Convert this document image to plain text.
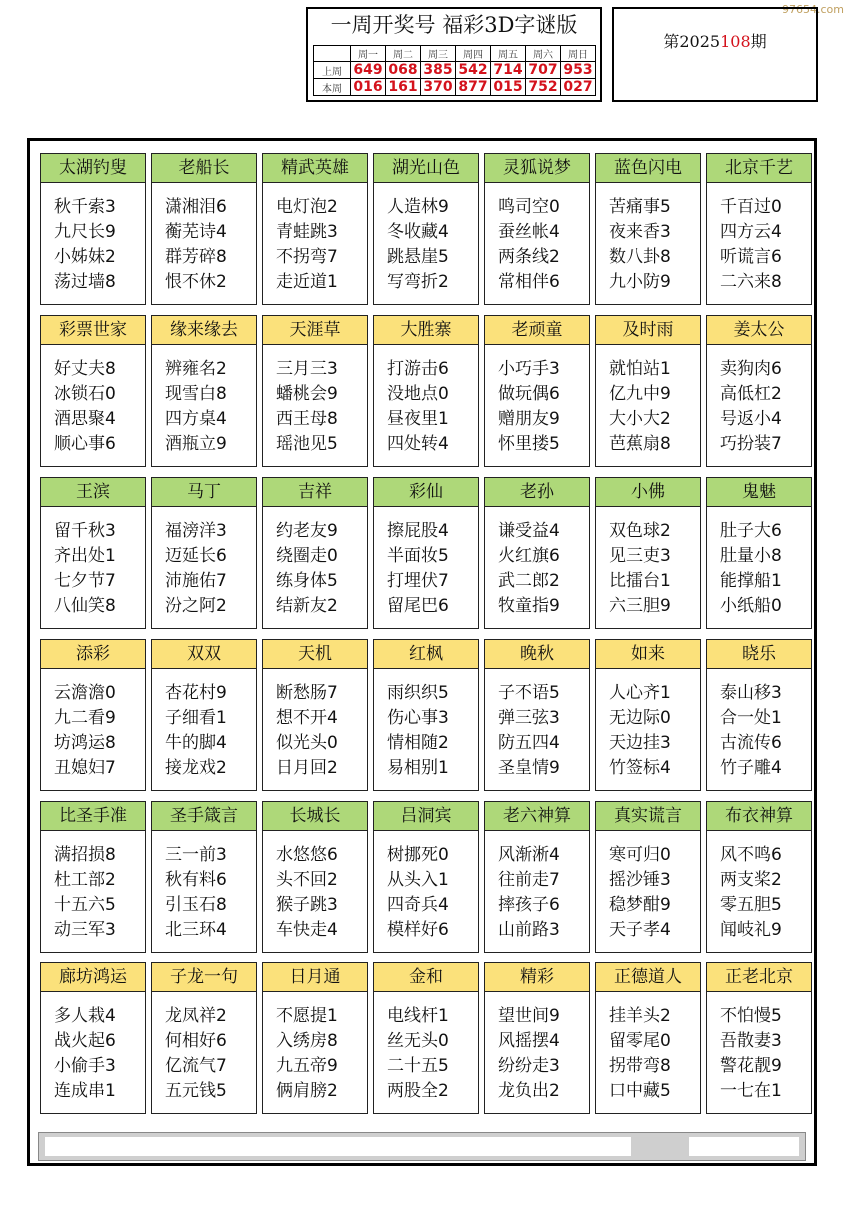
97654.com
一周开奖号 福彩3D字谜版
	周一	周二	周三	周四	周五	周六	周日
上周	649	068	385	542	714	707	953
本周	016	161	370	877	015	752	027
第2025108期
太湖钓叟
秋千索3
九尺长9
小姊妹2
荡过墙8
老船长
潇湘泪6
蘅芜诗4
群芳碎8
恨不休2
精武英雄
电灯泡2
青蛙跳3
不拐弯7
走近道1
湖光山色
人造林9
冬收藏4
跳悬崖5
写弯折2
灵狐说梦
鸣司空0
蚕丝帐4
两条线2
常相伴6
蓝色闪电
苦痛事5
夜来香3
数八卦8
九小防9
北京千艺
千百过0
四方云4
听谎言6
二六来8
彩票世家
好丈夫8
冰锁石0
酒思聚4
顺心事6
缘来缘去
辨雍名2
现雪白8
四方桌4
酒瓶立9
天涯草
三月三3
蟠桃会9
西王母8
瑶池见5
大胜寨
打游击6
没地点0
昼夜里1
四处转4
老顽童
小巧手3
做玩偶6
赠朋友9
怀里搂5
及时雨
就怕站1
亿九中9
大小大2
芭蕉扇8
姜太公
卖狗肉6
高低杠2
号返小4
巧扮装7
王滨
留千秋3
齐出处1
七夕节7
八仙笑8
马丁
福滂洋3
迈延长6
沛施佑7
汾之阿2
吉祥
约老友9
绕圈走0
练身体5
结新友2
彩仙
擦屁股4
半面妆5
打埋伏7
留尾巴6
老孙
谦受益4
火红旗6
武二郎2
牧童指9
小佛
双色球2
见三吏3
比擂台1
六三胆9
鬼魅
肚子大6
肚量小8
能撑船1
小纸船0
添彩
云澹澹0
九二看9
坊鸿运8
丑媳妇7
双双
杏花村9
子细看1
牛的脚4
接龙戏2
天机
断愁肠7
想不开4
似光头0
日月回2
红枫
雨织织5
伤心事3
情相随2
易相别1
晚秋
子不语5
弹三弦3
防五四4
圣皇情9
如来
人心齐1
无边际0
天边挂3
竹签标4
晓乐
泰山移3
合一处1
古流传6
竹子雕4
比圣手准
满招损8
杜工部2
十五六5
动三军3
圣手箴言
三一前3
秋有料6
引玉石8
北三环4
长城长
水悠悠6
头不回2
猴子跳3
车快走4
吕洞宾
树挪死0
从头入1
四奇兵4
模样好6
老六神算
风渐淅4
往前走7
摔孩子6
山前路3
真实谎言
寒可归0
摇沙锤3
稳梦酣9
天子孝4
布衣神算
风不鸣6
两支桨2
零五胆5
闻岐礼9
廊坊鸿运
多人栽4
战火起6
小偷手3
连成串1
子龙一句
龙凤祥2
何相好6
亿流气7
五元钱5
日月通
不愿提1
入绣房8
九五帝9
俩肩膀2
金和
电线杆1
丝无头0
二十五5
两股全2
精彩
望世间9
风摇摆4
纷纷走3
龙负出2
正德道人
挂羊头2
留零尾0
拐带弯8
口中藏5
正老北京
不怕慢5
吾散妻3
警花靓9
一七在1
